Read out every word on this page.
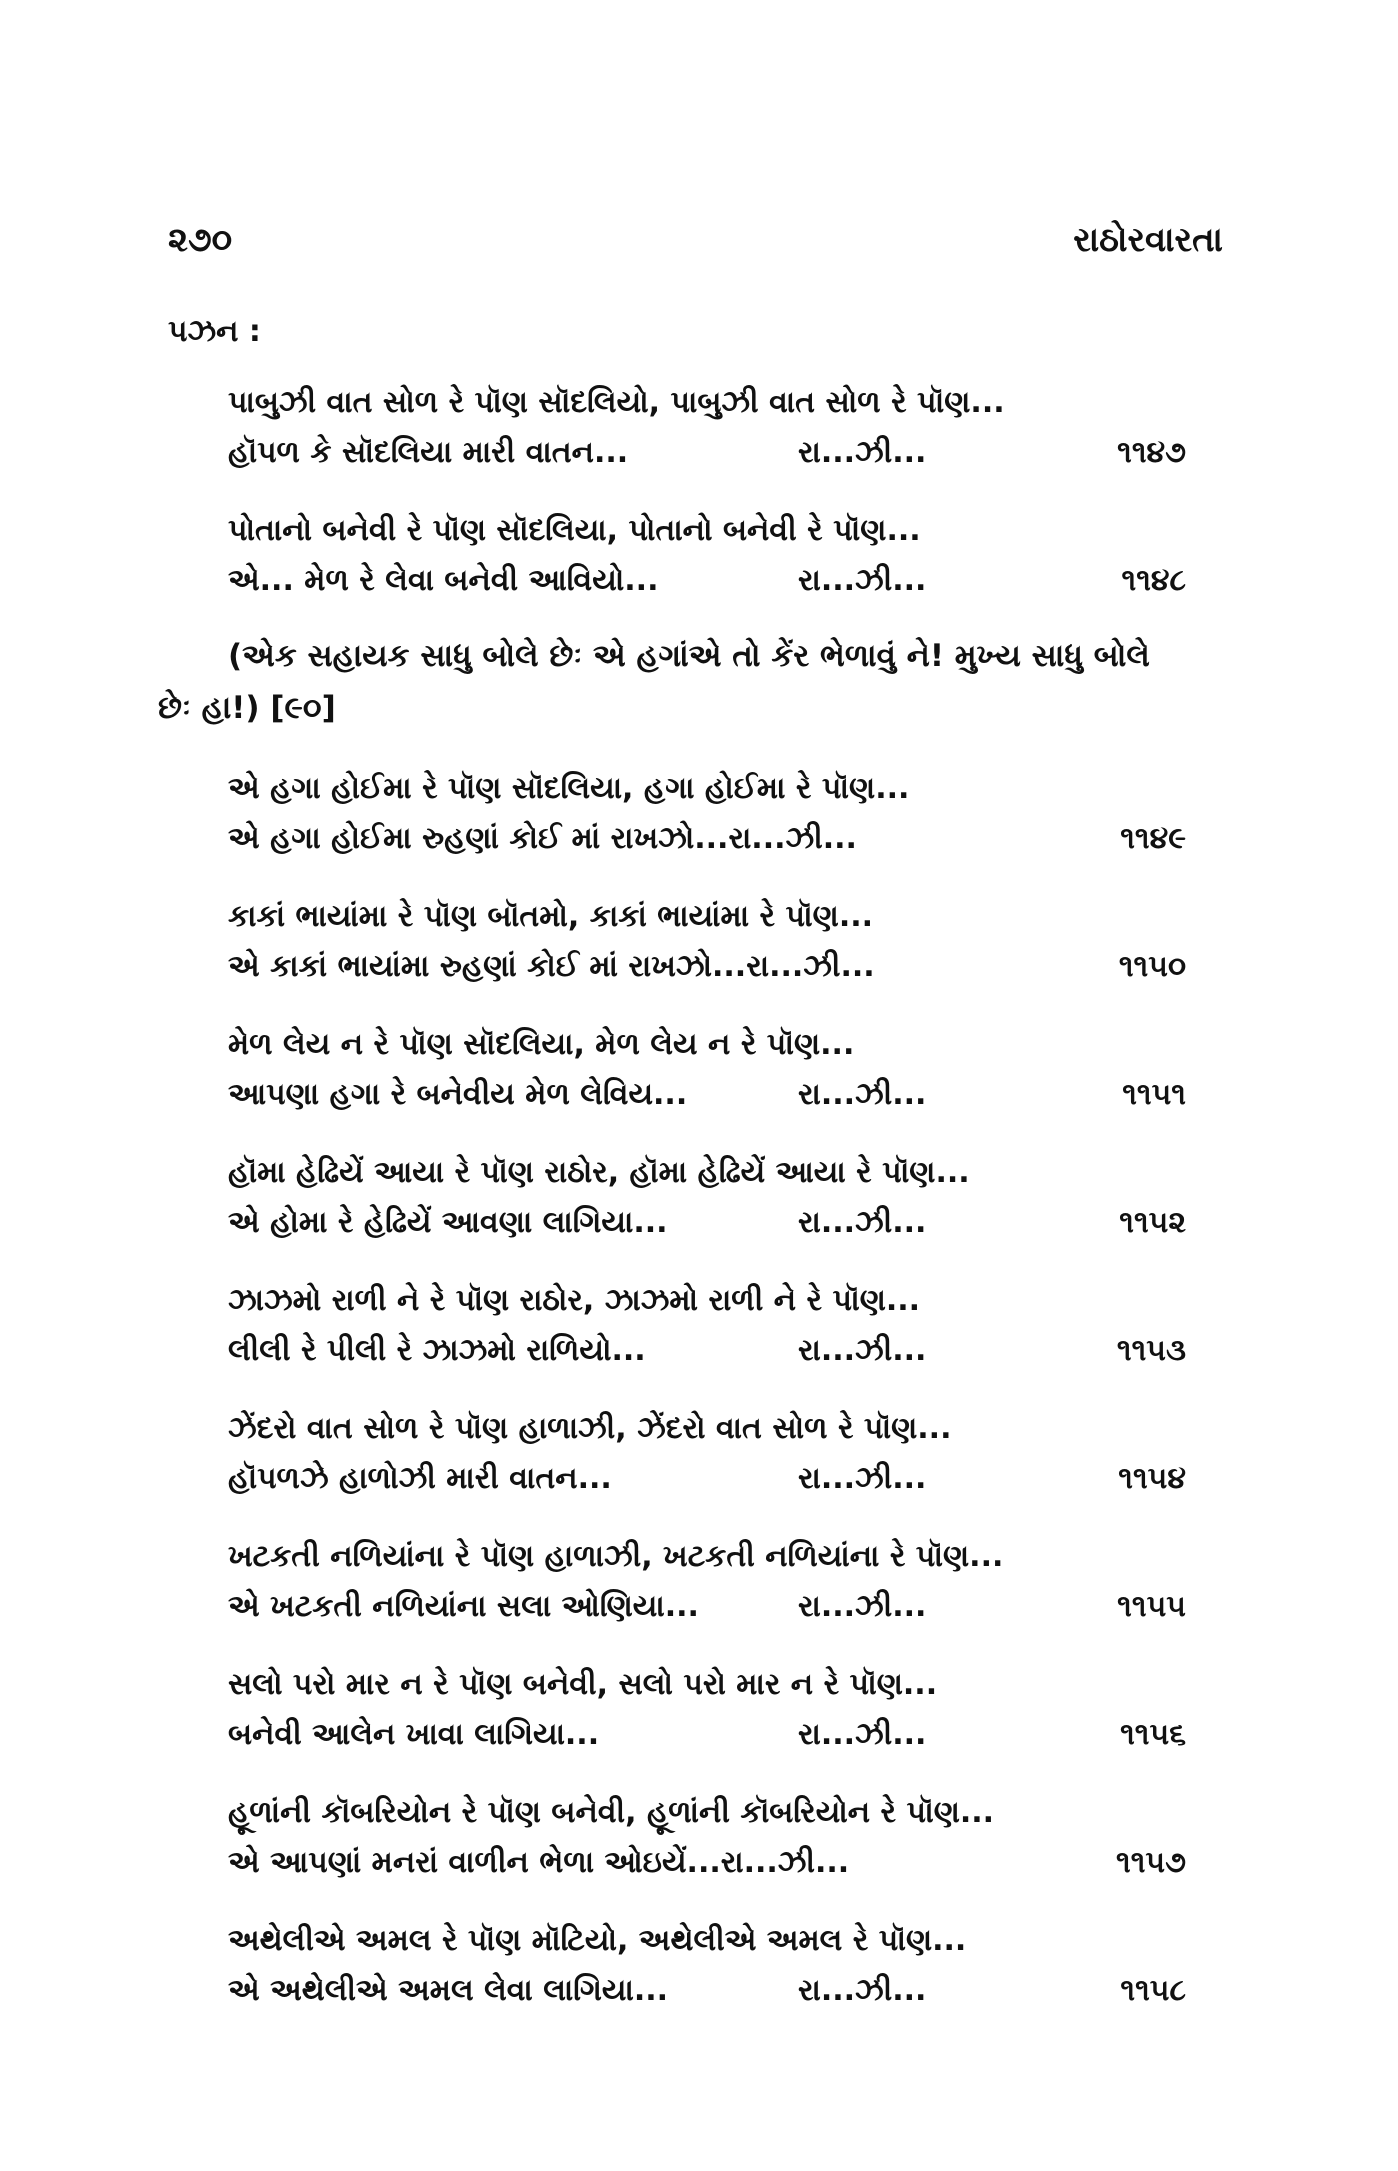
૨૭૦	રાઠોરવારતા
પઝન :
પાબુઝી વાત સોળ રે પૉણ સૉદલિયો, પાબુઝી વાત સોળ રે પૉણ...
હૉપળ કે સૉદલિયા મારી વાતન...	રા...ઝી...	૧૧૪૭
પોતાનો બનેવી રે પૉણ સૉદલિયા, પોતાનો બનેવી રે પૉણ...
એ... મેળ રે લેવા બનેવી આવિયો...	રા...ઝી...	૧૧૪૮
(એક સહાયક સાધુ બોલે છેઃ એ હગાંએ તો કેંર ભેળાવું ને! મુખ્ય સાધુ બોલે છેઃ હા!) [૯૦]
એ હગા હોઈમા રે પૉણ સૉદલિયા, હગા હોઈમા રે પૉણ...
એ હગા હોઈમા રુહણાં કોઈ માં રાખઝો...રા...ઝી...	૧૧૪૯
કાકાં ભાયાંમા રે પૉણ બૉતમો, કાકાં ભાયાંમા રે પૉણ...
એ કાકાં ભાયાંમા રુહણાં કોઈ માં રાખઝો...રા...ઝી...	૧૧૫૦
મેળ લેય ન રે પૉણ સૉદલિયા, મેળ લેય ન રે પૉણ...
આપણા હગા રે બનેવીય મેળ લેવિય...	રા...ઝી...	૧૧૫૧
હૉમા હેઢિયેં આયા રે પૉણ રાઠોર, હૉમા હેઢિયેં આયા રે પૉણ...
એ હોમા રે હેઢિયેં આવણા લાગિયા...	રા...ઝી...	૧૧૫૨
ઝાઝમો રાળી ને રે પૉણ રાઠોર, ઝાઝમો રાળી ને રે પૉણ...
લીલી રે પીલી રે ઝાઝમો રાળિયો...	રા...ઝી...	૧૧૫૩
ઝેંદરો વાત સોળ રે પૉણ હાળાઝી, ઝેંદરો વાત સોળ રે પૉણ...
હૉપળઝે હાળોઝી મારી વાતન...	રા...ઝી...	૧૧૫૪
ખટકતી નળિયાંના રે પૉણ હાળાઝી, ખટકતી નળિયાંના રે પૉણ...
એ ખટકતી નળિયાંના સલા ઓણિયા...	રા...ઝી...	૧૧૫૫
સલો પરો માર ન રે પૉણ બનેવી, સલો પરો માર ન રે પૉણ...
બનેવી આલેન ખાવા લાગિયા...	રા...ઝી...	૧૧૫૬
હૂળાંની કૉબરિયોન રે પૉણ બનેવી, હૂળાંની કૉબરિયોન રે પૉણ...
એ આપણાં મનરાં વાળીન ભેળા ઓઇયેં...રા...ઝી...	૧૧૫૭
અથેલીએ અમલ રે પૉણ મૉટિયો, અથેલીએ અમલ રે પૉણ...
એ અથેલીએ અમલ લેવા લાગિયા...	રા...ઝી...	૧૧૫૮
